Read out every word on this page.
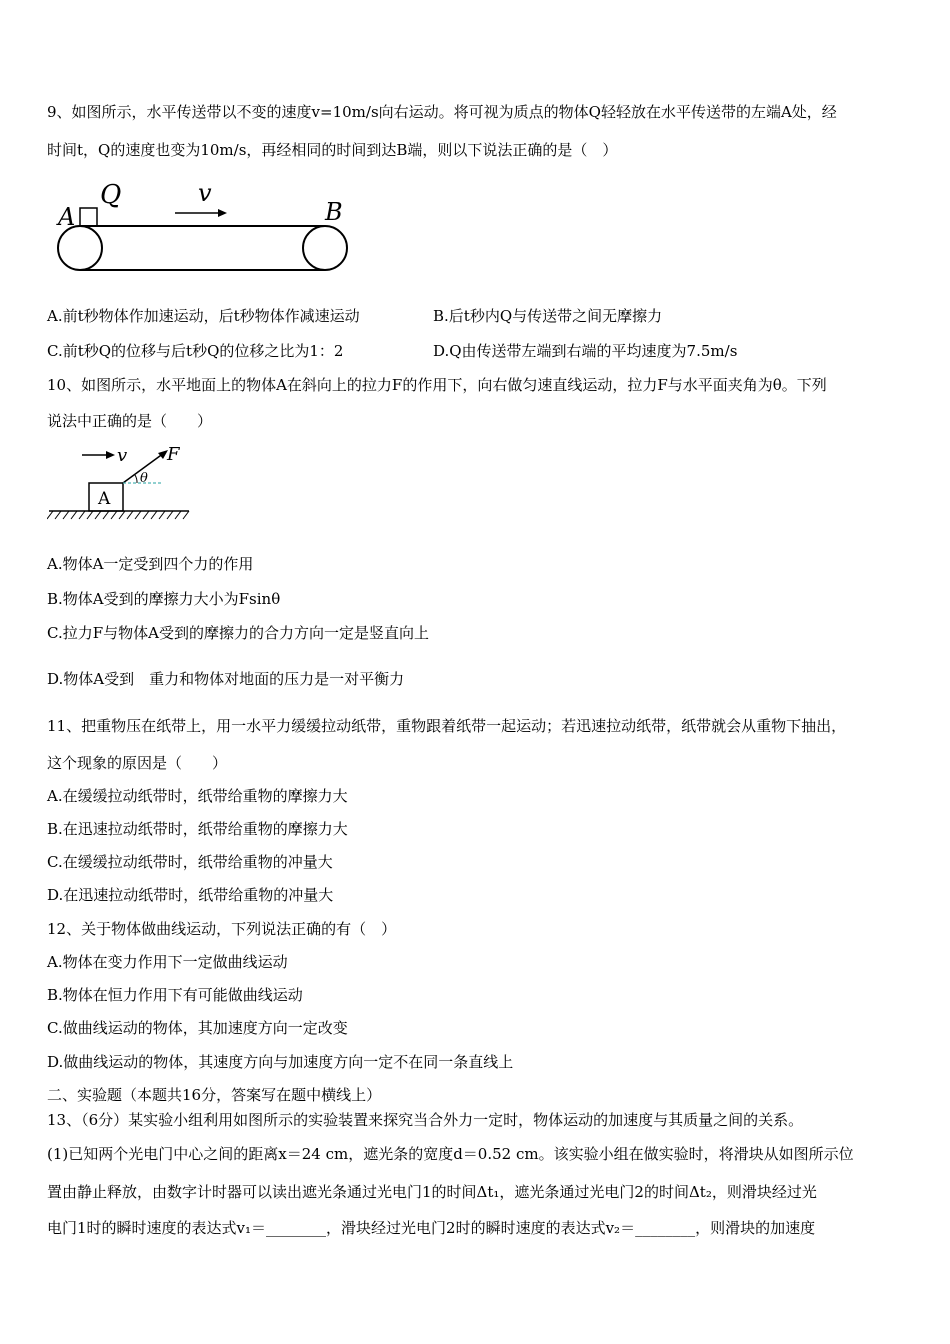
9、如图所示，水平传送带以不变的速度v=10m/s向右运动。将可视为质点的物体Q轻轻放在水平传送带的左端A处，经
时间t，Q的速度也变为10m/s，再经相同的时间到达B端，则以下说法正确的是（　）
A
Q	v
B
A.前t秒物体作加速运动，后t秒物体作减速运动	B.后t秒内Q与传送带之间无摩擦力
C.前t秒Q的位移与后t秒Q的位移之比为1：2	D.Q由传送带左端到右端的平均速度为7.5m/s
10、如图所示，水平地面上的物体A在斜向上的拉力F的作用下，向右做匀速直线运动，拉力F与水平面夹角为θ。下列
说法中正确的是（　　）
v
A
F
θ
A.物体A一定受到四个力的作用
B.物体A受到的摩擦力大小为Fsinθ
C.拉力F与物体A受到的摩擦力的合力方向一定是竖直向上
D.物体A受到　重力和物体对地面的压力是一对平衡力
11、把重物压在纸带上，用一水平力缓缓拉动纸带，重物跟着纸带一起运动；若迅速拉动纸带，纸带就会从重物下抽出，
这个现象的原因是（　　）
A.在缓缓拉动纸带时，纸带给重物的摩擦力大
B.在迅速拉动纸带时，纸带给重物的摩擦力大
C.在缓缓拉动纸带时，纸带给重物的冲量大
D.在迅速拉动纸带时，纸带给重物的冲量大
12、关于物体做曲线运动，下列说法正确的有（　）
A.物体在变力作用下一定做曲线运动
B.物体在恒力作用下有可能做曲线运动
C.做曲线运动的物体，其加速度方向一定改变
D.做曲线运动的物体，其速度方向与加速度方向一定不在同一条直线上
二、实验题（本题共16分，答案写在题中横线上）
13、（6分）某实验小组利用如图所示的实验装置来探究当合外力一定时，物体运动的加速度与其质量之间的关系。
(1)已知两个光电门中心之间的距离x＝24 cm，遮光条的宽度d＝0.52 cm。该实验小组在做实验时，将滑块从如图所示位
置由静止释放，由数字计时器可以读出遮光条通过光电门1的时间Δt₁，遮光条通过光电门2的时间Δt₂，则滑块经过光
电门1时的瞬时速度的表达式v₁＝________，滑块经过光电门2时的瞬时速度的表达式v₂＝________，则滑块的加速度
